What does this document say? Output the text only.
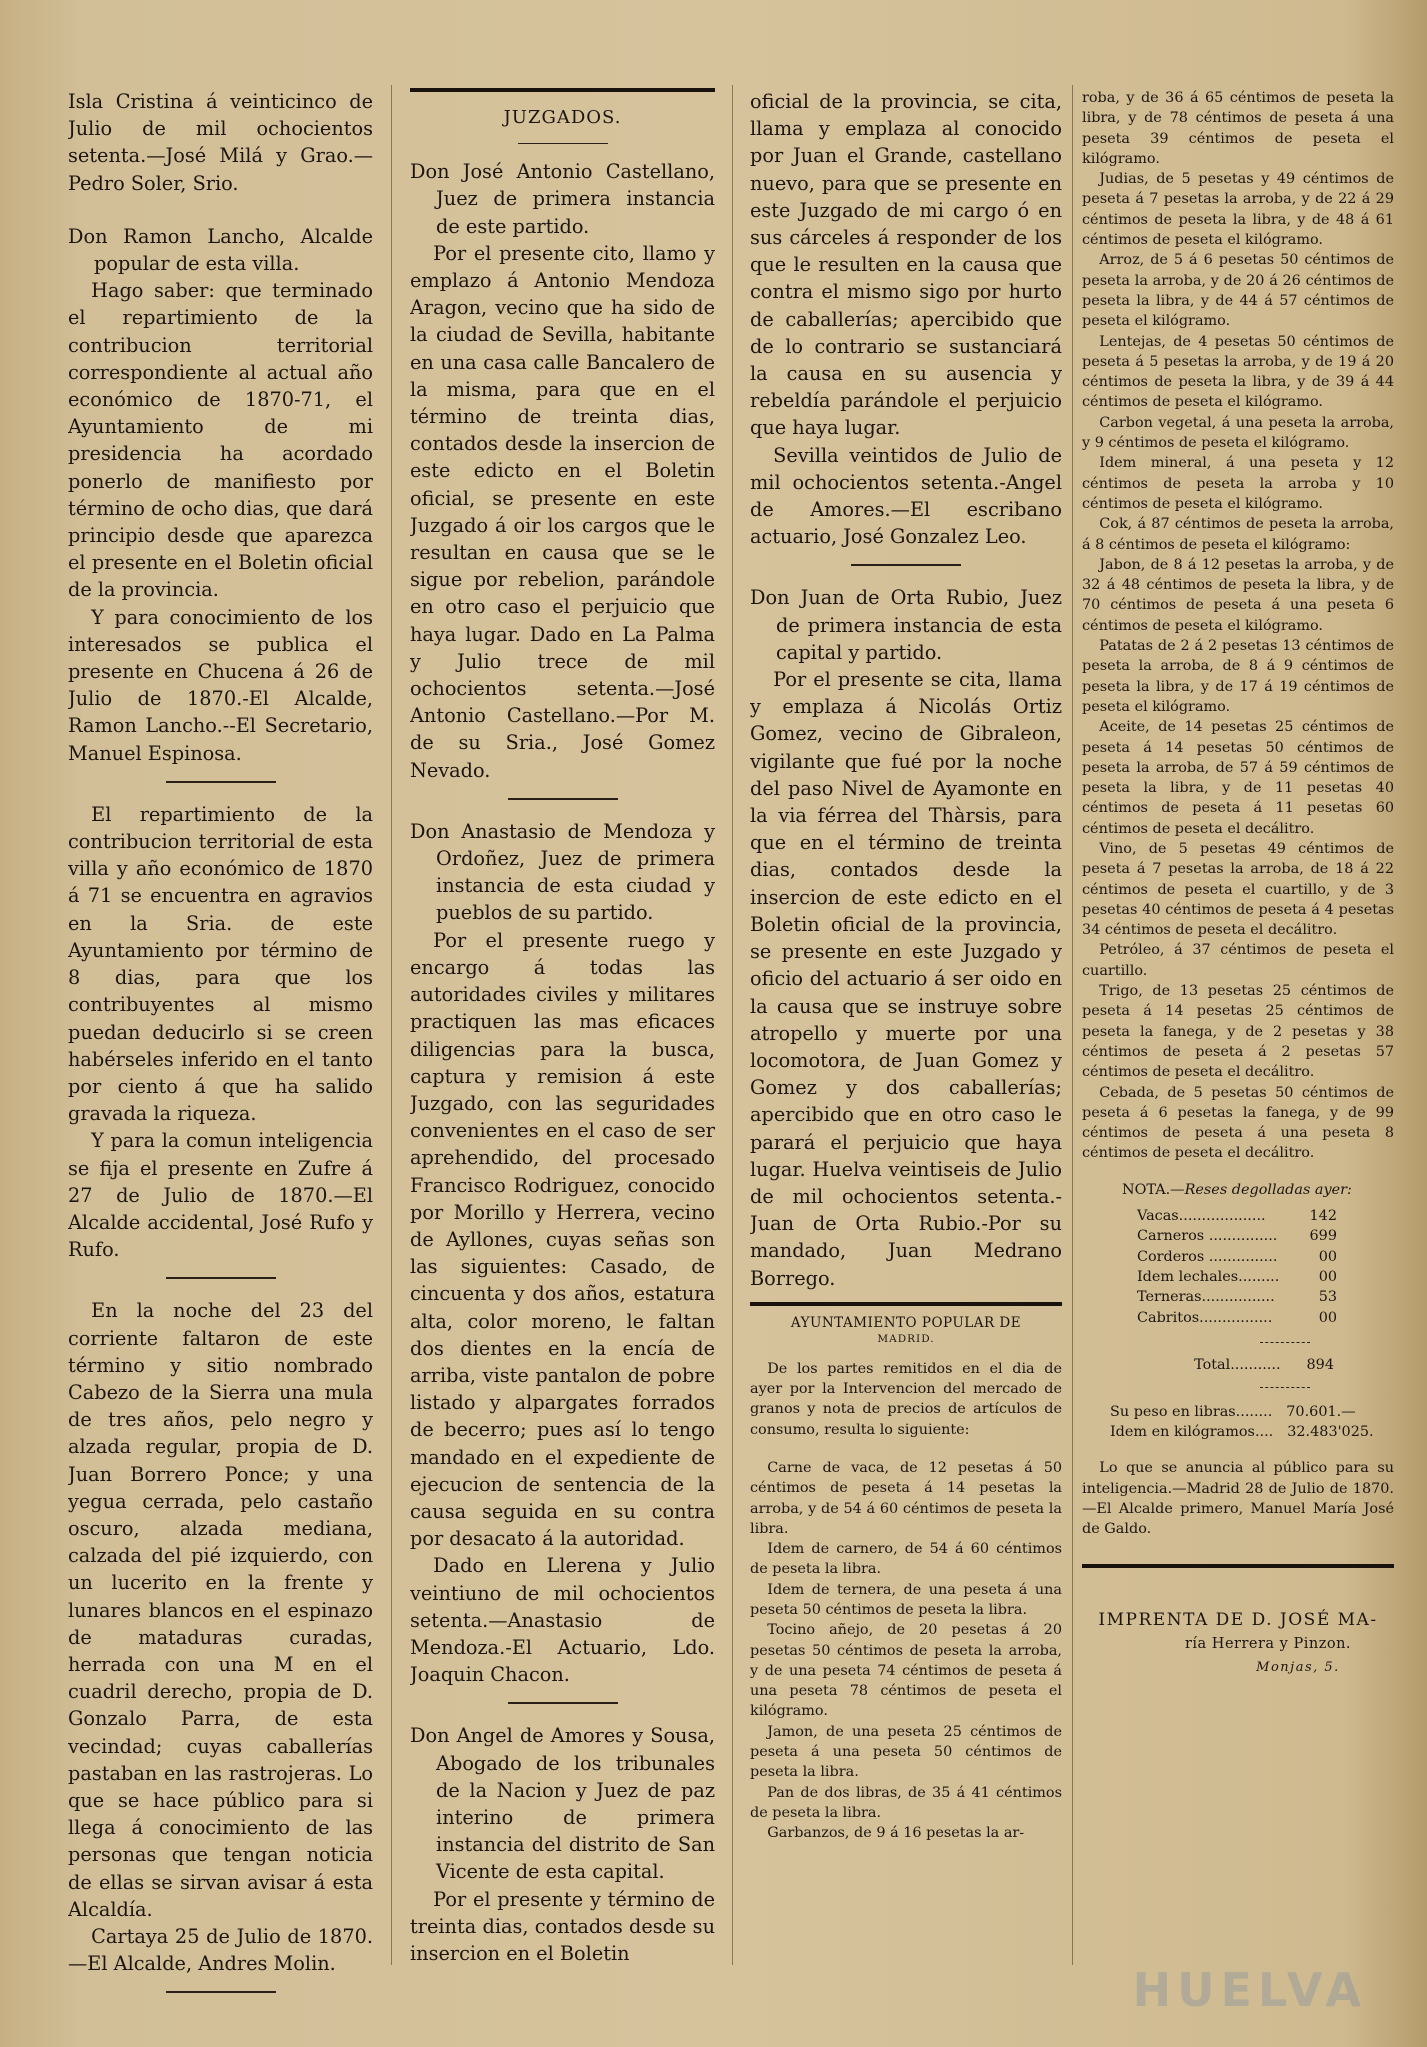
Isla Cristina á veinticinco de Julio de mil ochocientos setenta.—José Milá y Grao.— Pedro Soler, Srio.

Don Ramon Lancho, Alcalde popular de esta villa.

Hago saber: que terminado el repartimiento de la contribucion territorial correspondiente al actual año económico de 1870-71, el Ayuntamiento de mi presidencia ha acordado ponerlo de manifiesto por término de ocho dias, que dará principio desde que aparezca el presente en el Boletin oficial de la provincia.

Y para conocimiento de los interesados se publica el presente en Chucena á 26 de Julio de 1870.-El Alcalde, Ramon Lancho.--El Secretario, Manuel Espinosa.

El repartimiento de la contribucion territorial de esta villa y año económico de 1870 á 71 se encuentra en agravios en la Sria. de este Ayuntamiento por término de 8 dias, para que los contribuyentes al mismo puedan deducirlo si se creen habérseles inferido en el tanto por ciento á que ha salido gravada la riqueza.

Y para la comun inteligencia se fija el presente en Zufre á 27 de Julio de 1870.—El Alcalde accidental, José Rufo y Rufo.

En la noche del 23 del corriente faltaron de este término y sitio nombrado Cabezo de la Sierra una mula de tres años, pelo negro y alzada regular, propia de D. Juan Borrero Ponce; y una yegua cerrada, pelo castaño oscuro, alzada mediana, calzada del pié izquierdo, con un lucerito en la frente y lunares blancos en el espinazo de mataduras curadas, herrada con una M en el cuadril derecho, propia de D. Gonzalo Parra, de esta vecindad; cuyas caballerías pastaban en las rastrojeras. Lo que se hace público para si llega á conocimiento de las personas que tengan noticia de ellas se sirvan avisar á esta Alcaldía.

Cartaya 25 de Julio de 1870. —El Alcalde, Andres Molin.

JUZGADOS.

Don José Antonio Castellano, Juez de primera instancia de este partido.

Por el presente cito, llamo y emplazo á Antonio Mendoza Aragon, vecino que ha sido de la ciudad de Sevilla, habitante en una casa calle Bancalero de la misma, para que en el término de treinta dias, contados desde la insercion de este edicto en el Boletin oficial, se presente en este Juzgado á oir los cargos que le resultan en causa que se le sigue por rebelion, parándole en otro caso el perjuicio que haya lugar. Dado en La Palma y Julio trece de mil ochocientos setenta.—José Antonio Castellano.—Por M. de su Sria., José Gomez Nevado.

Don Anastasio de Mendoza y Ordoñez, Juez de primera instancia de esta ciudad y pueblos de su partido.

Por el presente ruego y encargo á todas las autoridades civiles y militares practiquen las mas eficaces diligencias para la busca, captura y remision á este Juzgado, con las seguridades convenientes en el caso de ser aprehendido, del procesado Francisco Rodriguez, conocido por Morillo y Herrera, vecino de Ayllones, cuyas señas son las siguientes: Casado, de cincuenta y dos años, estatura alta, color moreno, le faltan dos dientes en la encía de arriba, viste pantalon de pobre listado y alpargates forrados de becerro; pues así lo tengo mandado en el expediente de ejecucion de sentencia de la causa seguida en su contra por desacato á la autoridad.

Dado en Llerena y Julio veintiuno de mil ochocientos setenta.—Anastasio de Mendoza.-El Actuario, Ldo. Joaquin Chacon.

Don Angel de Amores y Sousa, Abogado de los tribunales de la Nacion y Juez de paz interino de primera instancia del distrito de San Vicente de esta capital.

Por el presente y término de treinta dias, contados desde su insercion en el Boletin

oficial de la provincia, se cita, llama y emplaza al conocido por Juan el Grande, castellano nuevo, para que se presente en este Juzgado de mi cargo ó en sus cárceles á responder de los que le resulten en la causa que contra el mismo sigo por hurto de caballerías; apercibido que de lo contrario se sustanciará la causa en su ausencia y rebeldía parándole el perjuicio que haya lugar.

Sevilla veintidos de Julio de mil ochocientos setenta.-Angel de Amores.—El escribano actuario, José Gonzalez Leo.

Don Juan de Orta Rubio, Juez de primera instancia de esta capital y partido.

Por el presente se cita, llama y emplaza á Nicolás Ortiz Gomez, vecino de Gibraleon, vigilante que fué por la noche del paso Nivel de Ayamonte en la via férrea del Thàrsis, para que en el término de treinta dias, contados desde la insercion de este edicto en el Boletin oficial de la provincia, se presente en este Juzgado y oficio del actuario á ser oido en la causa que se instruye sobre atropello y muerte por una locomotora, de Juan Gomez y Gomez y dos caballerías; apercibido que en otro caso le parará el perjuicio que haya lugar. Huelva veintiseis de Julio de mil ochocientos setenta.-Juan de Orta Rubio.-Por su mandado, Juan Medrano Borrego.

AYUNTAMIENTO POPULAR DE
MADRID.

De los partes remitidos en el dia de ayer por la Intervencion del mercado de granos y nota de precios de artículos de consumo, resulta lo siguiente:

Carne de vaca, de 12 pesetas á 50 céntimos de peseta á 14 pesetas la arroba, y de 54 á 60 céntimos de peseta la libra.

Idem de carnero, de 54 á 60 céntimos de peseta la libra.

Idem de ternera, de una peseta á una peseta 50 céntimos de peseta la libra.

Tocino añejo, de 20 pesetas á 20 pesetas 50 céntimos de peseta la arroba, y de una peseta 74 céntimos de peseta á una peseta 78 céntimos de peseta el kilógramo.

Jamon, de una peseta 25 céntimos de peseta á una peseta 50 céntimos de peseta la libra.

Pan de dos libras, de 35 á 41 céntimos de peseta la libra.

Garbanzos, de 9 á 16 pesetas la ar-

roba, y de 36 á 65 céntimos de peseta la libra, y de 78 céntimos de peseta á una peseta 39 céntimos de peseta el kilógramo.

Judias, de 5 pesetas y 49 céntimos de peseta á 7 pesetas la arroba, y de 22 á 29 céntimos de peseta la libra, y de 48 á 61 céntimos de peseta el kilógramo.

Arroz, de 5 á 6 pesetas 50 céntimos de peseta la arroba, y de 20 á 26 céntimos de peseta la libra, y de 44 á 57 céntimos de peseta el kilógramo.

Lentejas, de 4 pesetas 50 céntimos de peseta á 5 pesetas la arroba, y de 19 á 20 céntimos de peseta la libra, y de 39 á 44 céntimos de peseta el kilógramo.

Carbon vegetal, á una peseta la arroba, y 9 céntimos de peseta el kilógramo.

Idem mineral, á una peseta y 12 céntimos de peseta la arroba y 10 céntimos de peseta el kilógramo.

Cok, á 87 céntimos de peseta la arroba, á 8 céntimos de peseta el kilógramo:

Jabon, de 8 á 12 pesetas la arroba, y de 32 á 48 céntimos de peseta la libra, y de 70 céntimos de peseta á una peseta 6 céntimos de peseta el kilógramo.

Patatas de 2 á 2 pesetas 13 céntimos de peseta la arroba, de 8 á 9 céntimos de peseta la libra, y de 17 á 19 céntimos de peseta el kilógramo.

Aceite, de 14 pesetas 25 céntimos de peseta á 14 pesetas 50 céntimos de peseta la arroba, de 57 á 59 céntimos de peseta la libra, y de 11 pesetas 40 céntimos de peseta á 11 pesetas 60 céntimos de peseta el decálitro.

Vino, de 5 pesetas 49 céntimos de peseta á 7 pesetas la arroba, de 18 á 22 céntimos de peseta el cuartillo, y de 3 pesetas 40 céntimos de peseta á 4 pesetas 34 céntimos de peseta el decálitro.

Petróleo, á 37 céntimos de peseta el cuartillo.

Trigo, de 13 pesetas 25 céntimos de peseta á 14 pesetas 25 céntimos de peseta la fanega, y de 2 pesetas y 38 céntimos de peseta á 2 pesetas 57 céntimos de peseta el decálitro.

Cebada, de 5 pesetas 50 céntimos de peseta á 6 pesetas la fanega, y de 99 céntimos de peseta á una peseta 8 céntimos de peseta el decálitro.

NOTA.—Reses degolladas ayer:
Vacas...................	142
Carneros ...............	699
Corderos ...............	00
Idem lechales.........	00
Terneras................	53
Cabritos................	00
Total........... 894
Su peso en libras........ 70.601.—
Idem en kilógramos.... 32.483'025.

Lo que se anuncia al público para su inteligencia.—Madrid 28 de Julio de 1870.—El Alcalde primero, Manuel María José de Galdo.

IMPRENTA DE D. JOSÉ MA-
ría Herrera y Pinzon.
Monjas, 5.
HUELVA
